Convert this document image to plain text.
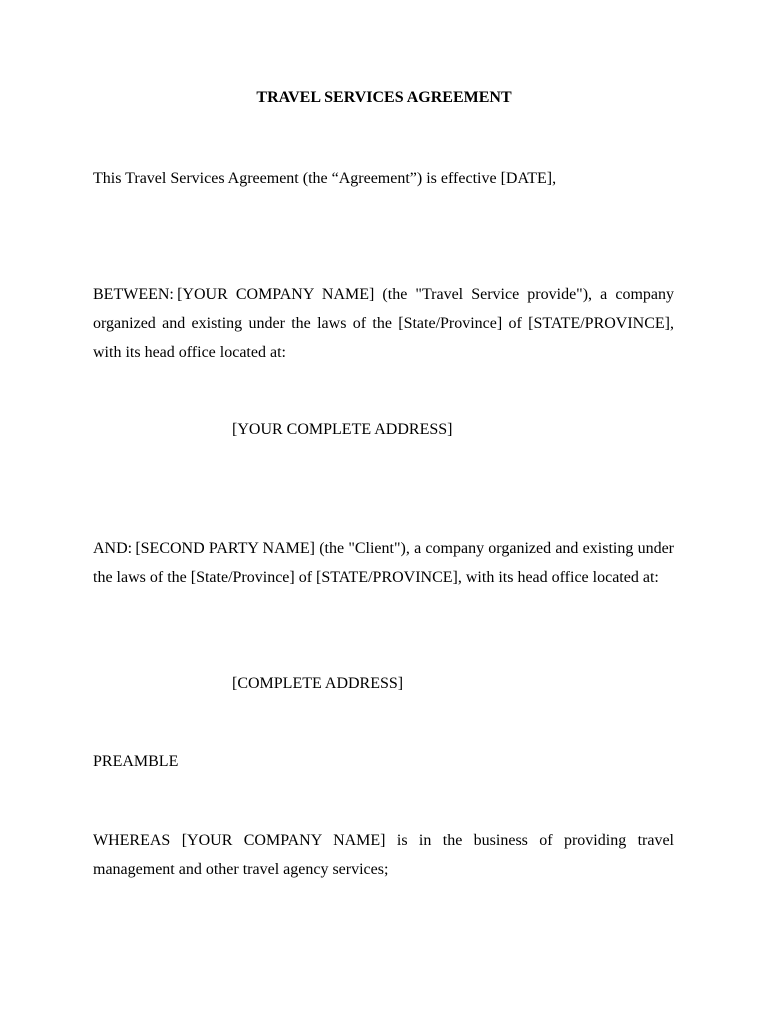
TRAVEL SERVICES AGREEMENT

This Travel Services Agreement (the “Agreement”) is effective [DATE],

BETWEEN: [YOUR COMPANY NAME] (the "Travel Service provide"), a company organized and existing under the laws of the [State/Province] of [STATE/PROVINCE], with its head office located at:

[YOUR COMPLETE ADDRESS]

AND: [SECOND PARTY NAME] (the "Client"), a company organized and existing under the laws of the [State/Province] of [STATE/PROVINCE], with its head office located at:

[COMPLETE ADDRESS]
PREAMBLE

WHEREAS [YOUR COMPANY NAME] is in the business of providing travel management and other travel agency services;
